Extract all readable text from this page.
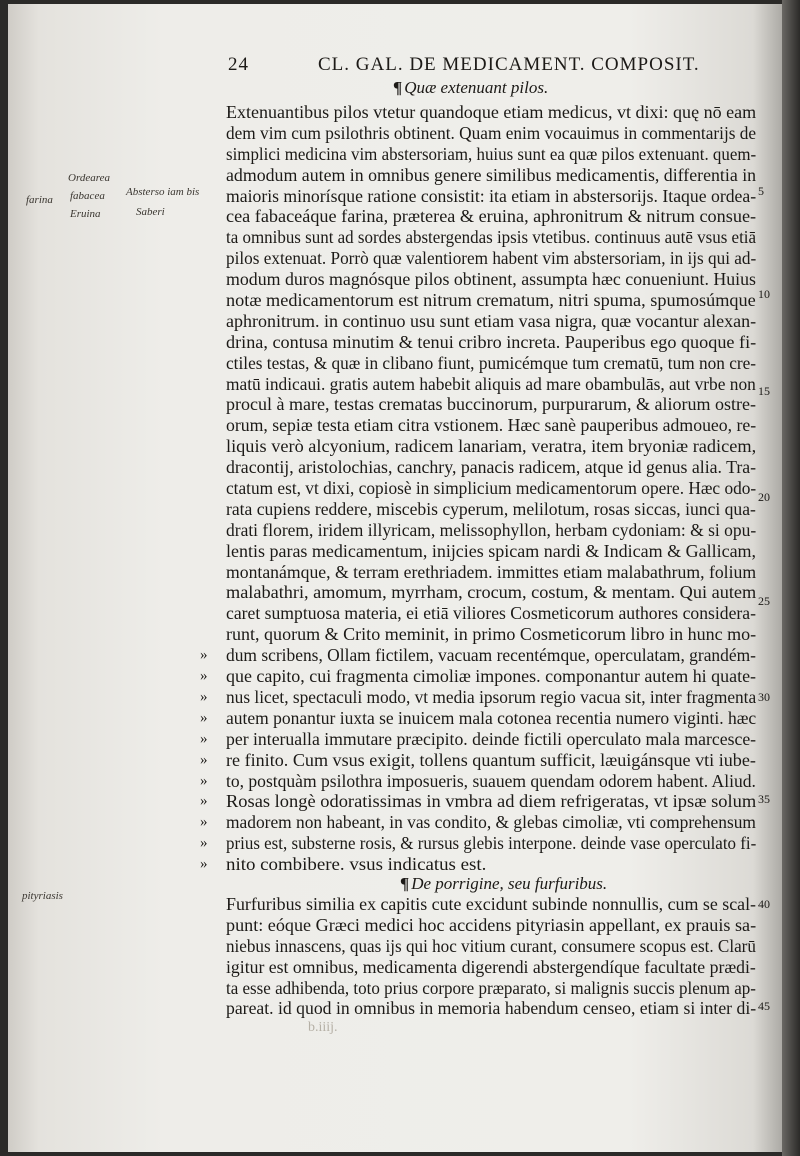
24	CL. GAL. DE MEDICAMENT. COMPOSIT.
¶ Quæ extenuant pilos.
Ordearea
fabacea
farina
Eruina
Absterso iam bis
Saberi
pityriasis
Extenuantibus pilos vtetur quandoque etiam medicus, vt dixi: quę nō eam
dem vim cum psilothris obtinent. Quam enim vocauimus in commentarijs de
simplici medicina vim abstersoriam, huius sunt ea quæ pilos extenuant. quem-
admodum autem in omnibus genere similibus medicamentis, differentia in
maioris minorísque ratione consistit: ita etiam in abstersorijs. Itaque ordea-
cea fabaceáque farina, præterea & eruina, aphronitrum & nitrum consue-
ta omnibus sunt ad sordes abstergendas ipsis vtetibus. continuus autē vsus etiā
pilos extenuat. Porrò quæ valentiorem habent vim abstersoriam, in ijs qui ad-
modum duros magnósque pilos obtinent, assumpta hæc conueniunt. Huius
notæ medicamentorum est nitrum crematum, nitri spuma, spumosúmque
aphronitrum. in continuo usu sunt etiam vasa nigra, quæ vocantur alexan-
drina, contusa minutim & tenui cribro increta. Pauperibus ego quoque fi-
ctiles testas, & quæ in clibano fiunt, pumicémque tum crematū, tum non cre-
matū indicaui. gratis autem habebit aliquis ad mare obambulās, aut vrbe non
procul à mare, testas crematas buccinorum, purpurarum, & aliorum ostre-
orum, sepiæ testa etiam citra vstionem. Hæc sanè pauperibus admoueo, re-
liquis verò alcyonium, radicem lanariam, veratra, item bryoniæ radicem,
dracontij, aristolochias, canchry, panacis radicem, atque id genus alia. Tra-
ctatum est, vt dixi, copiosè in simplicium medicamentorum opere. Hæc odo-
rata cupiens reddere, miscebis cyperum, melilotum, rosas siccas, iunci qua-
drati florem, iridem illyricam, melissophyllon, herbam cydoniam: & si opu-
lentis paras medicamentum, inijcies spicam nardi & Indicam & Gallicam,
montanámque, & terram erethriadem. immittes etiam malabathrum, folium
malabathri, amomum, myrrham, crocum, costum, & mentam. Qui autem
caret sumptuosa materia, ei etiā viliores Cosmeticorum authores considera-
runt, quorum & Crito meminit, in primo Cosmeticorum libro in hunc mo-
» dum scribens, Ollam fictilem, vacuam recentémque, operculatam, grandém-
» que capito, cui fragmenta cimoliæ impones. componantur autem hi quate-
» nus licet, spectaculi modo, vt media ipsorum regio vacua sit, inter fragmenta
» autem ponantur iuxta se inuicem mala cotonea recentia numero viginti. hæc
» per interualla immutare præcipito. deinde fictili operculato mala marcesce-
» re finito. Cum vsus exigit, tollens quantum sufficit, læuigánsque vti iube-
» to, postquàm psilothra imposueris, suauem quendam odorem habent. Aliud.
» Rosas longè odoratissimas in vmbra ad diem refrigeratas, vt ipsæ solum
» madorem non habeant, in vas condito, & glebas cimoliæ, vti comprehensum
» prius est, substerne rosis, & rursus glebis interpone. deinde vase operculato fi-
» nito combibere. vsus indicatus est.
¶ De porrigine, seu furfuribus.
Furfuribus similia ex capitis cute excidunt subinde nonnullis, cum se scal-
punt: eóque Græci medici hoc accidens pityriasin appellant, ex prauis sa-
niebus innascens, quas ijs qui hoc vitium curant, consumere scopus est. Clarū
igitur est omnibus, medicamenta digerendi abstergendíque facultate prædi-
ta esse adhibenda, toto prius corpore præparato, si malignis succis plenum ap-
pareat. id quod in omnibus in memoria habendum censeo, etiam si inter di-
5
10
15
20
25
30
35
40
45
b.iiij.
